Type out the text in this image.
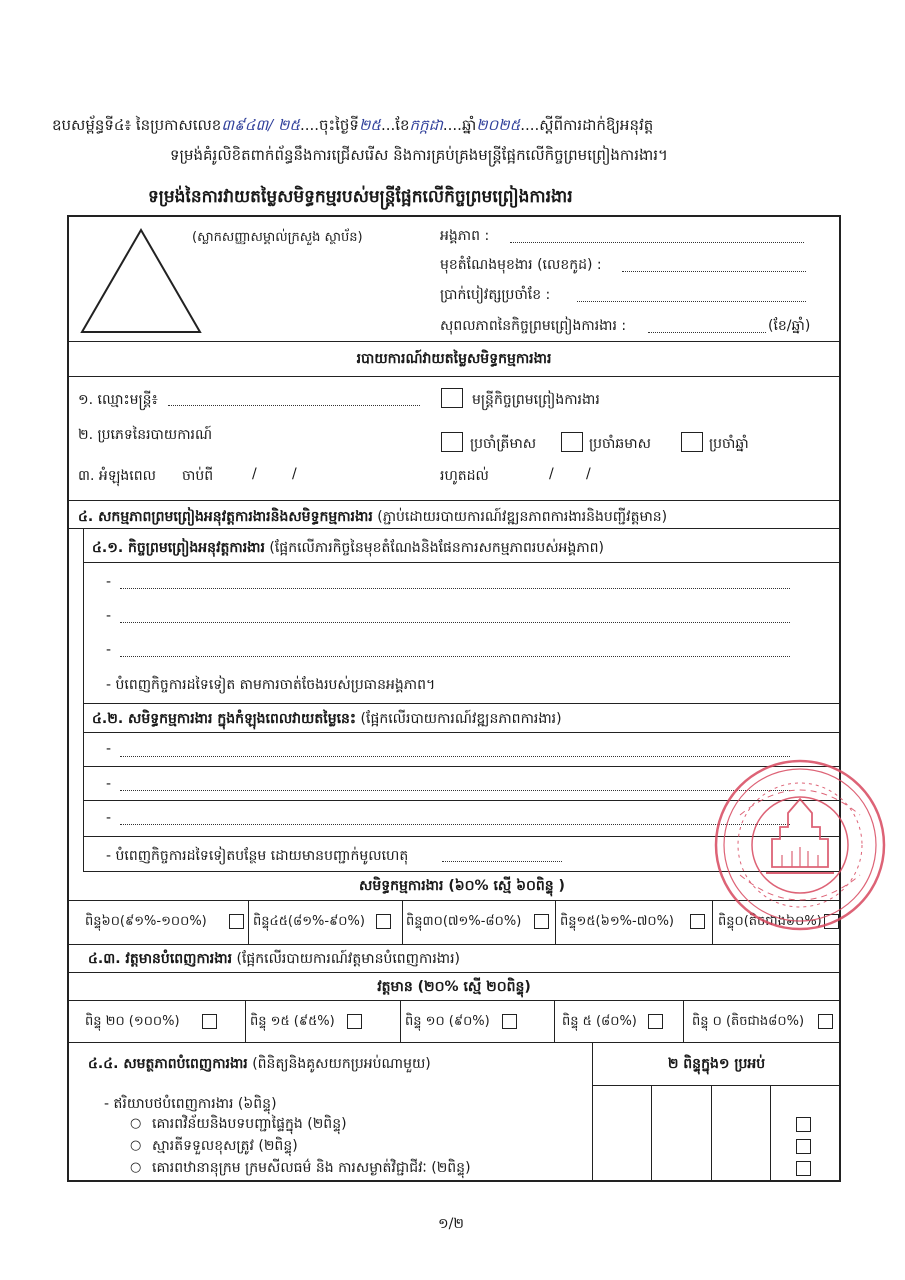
ឧបសម្ព័ន្ធទី៤៖ នៃប្រកាសលេខ៣៩៤៣/ ២៥....ចុះថ្ងៃទី២៥...ខែកក្កដា....ឆ្នាំ២០២៥....ស្ដីពីការដាក់ឱ្យអនុវត្ត
ទម្រង់គំរូលិខិតពាក់ព័ន្ធនឹងការជ្រើសរើស និងការគ្រប់គ្រងមន្ត្រីផ្អែកលើកិច្ចព្រមព្រៀងការងារ។
ទម្រង់នៃការវាយតម្លៃសមិទ្ធកម្មរបស់មន្ត្រីផ្អែកលើកិច្ចព្រមព្រៀងការងារ
(ស្លាកសញ្ញាសម្គាល់ក្រសួង ស្ថាប័ន)	អង្គភាព :
មុខតំណែងមុខងារ (លេខកូដ) :
ប្រាក់បៀវត្សប្រចាំខែ :
សុពលភាពនៃកិច្ចព្រមព្រៀងការងារ :	(ខែ/ឆ្នាំ)
របាយការណ៍វាយតម្លៃសមិទ្ធកម្មការងារ
១. ឈ្មោះមន្ត្រី៖	មន្ត្រីកិច្ចព្រមព្រៀងការងារ
២. ប្រភេទនៃរបាយការណ៍
ប្រចាំត្រីមាស	ប្រចាំឆមាស	ប្រចាំឆ្នាំ
៣. អំឡុងពេល ចាប់ពី	/	/	រហូតដល់	/ /
៤. សកម្មភាពព្រមព្រៀងអនុវត្តការងារនិងសមិទ្ធកម្មការងារ (ភ្ជាប់ដោយរបាយការណ៍វឌ្ឍនភាពការងារនិងបញ្ជីវត្តមាន)
៤.១. កិច្ចព្រមព្រៀងអនុវត្តការងារ (ផ្អែកលើភារកិច្ចនៃមុខតំណែងនិងផែនការសកម្មភាពរបស់អង្គភាព)
-
-
-
- បំពេញកិច្ចការដទៃទៀត តាមការចាត់ចែងរបស់ប្រធានអង្គភាព។
៤.២. សមិទ្ធកម្មការងារ ក្នុងកំឡុងពេលវាយតម្លៃនេះ (ផ្អែកលើរបាយការណ៍វឌ្ឍនភាពការងារ)
-
-
-
- បំពេញកិច្ចការដទៃទៀតបន្ថែម ដោយមានបញ្ជាក់មូលហេតុ
សមិទ្ធកម្មការងារ (៦០% ស្មើ ៦០ពិន្ទុ )
ពិន្ទុ៦០(៩១%-១០០%)	ពិន្ទុ៤៥(៨១%-៩០%)	ពិន្ទុ៣០(៧១%-៨០%)	ពិន្ទុ១៥(៦១%-៧០%)	ពិន្ទុ០(តិចជាង៦០%)
៤.៣. វត្តមានបំពេញការងារ (ផ្អែកលើរបាយការណ៍វត្តមានបំពេញការងារ)
វត្តមាន (២០% ស្មើ ២០ពិន្ទុ)
ពិន្ទុ ២០ (១០០%)	ពិន្ទុ ១៥ (៩៥%)	ពិន្ទុ ១០ (៩០%)	ពិន្ទុ ៥ (៨០%)	ពិន្ទុ ០ (តិចជាង៨០%)
៤.៤. សមត្ថភាពបំពេញការងារ (ពិនិត្យនិងគូសយកប្រអប់ណាមួយ)	២ ពិន្ទុក្នុង១ ប្រអប់
- ឥរិយាបថបំពេញការងារ (៦ពិន្ទុ)
○ គោរពវិន័យនិងបទបញ្ជាផ្ទៃក្នុង (២ពិន្ទុ)
○ ស្មារតីទទួលខុសត្រូវ (២ពិន្ទុ)
○ គោរពឋានានុក្រម ក្រមសីលធម៌ និង ការសម្ងាត់វិជ្ជាជីវៈ (២ពិន្ទុ)
១/២
